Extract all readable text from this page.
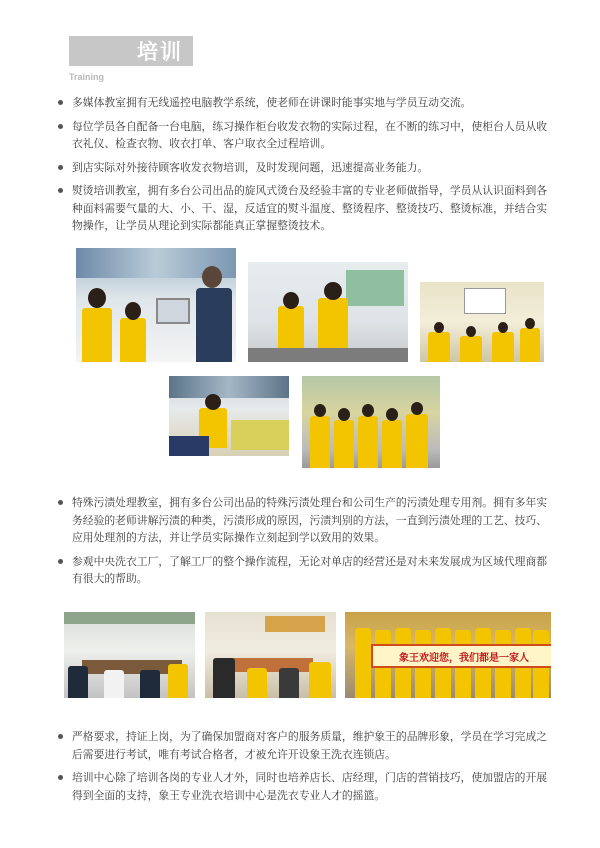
培训
Training
多媒体教室拥有无线遥控电脑教学系统，使老师在讲课时能事实地与学员互动交流。
每位学员各自配备一台电脑，练习操作柜台收发衣物的实际过程，在不断的练习中，使柜台人员从收衣礼仪、检查衣物、收衣打单、客户取衣全过程培训。
到店实际对外接待顾客收发衣物培训，及时发现问题，迅速提高业务能力。
熨烫培训教室，拥有多台公司出品的旋风式烫台及经验丰富的专业老师做指导，学员从认识面料到各种面料需要气量的大、小、干、湿，反适宜的熨斗温度、整烫程序、整烫技巧、整烫标准，并结合实物操作，让学员从理论到实际都能真正掌握整烫技术。
特殊污渍处理教室，拥有多台公司出品的特殊污渍处理台和公司生产的污渍处理专用剂。拥有多年实务经验的老师讲解污渍的种类，污渍形成的原因，污渍判别的方法，一直到污渍处理的工艺、技巧、应用处理剂的方法，并让学员实际操作立刻起到学以致用的效果。
参观中央洗衣工厂，了解工厂的整个操作流程，无论对单店的经营还是对未来发展成为区域代理商都有很大的帮助。
象王欢迎您，我们都是一家人
严格要求，持证上岗，为了确保加盟商对客户的服务质量，维护象王的品牌形象，学员在学习完成之后需要进行考试，唯有考试合格者，才被允许开设象王洗衣连锁店。
培训中心除了培训各岗的专业人才外，同时也培养店长、店经理，门店的营销技巧，使加盟店的开展得到全面的支持，象王专业洗衣培训中心是洗衣专业人才的摇篮。
